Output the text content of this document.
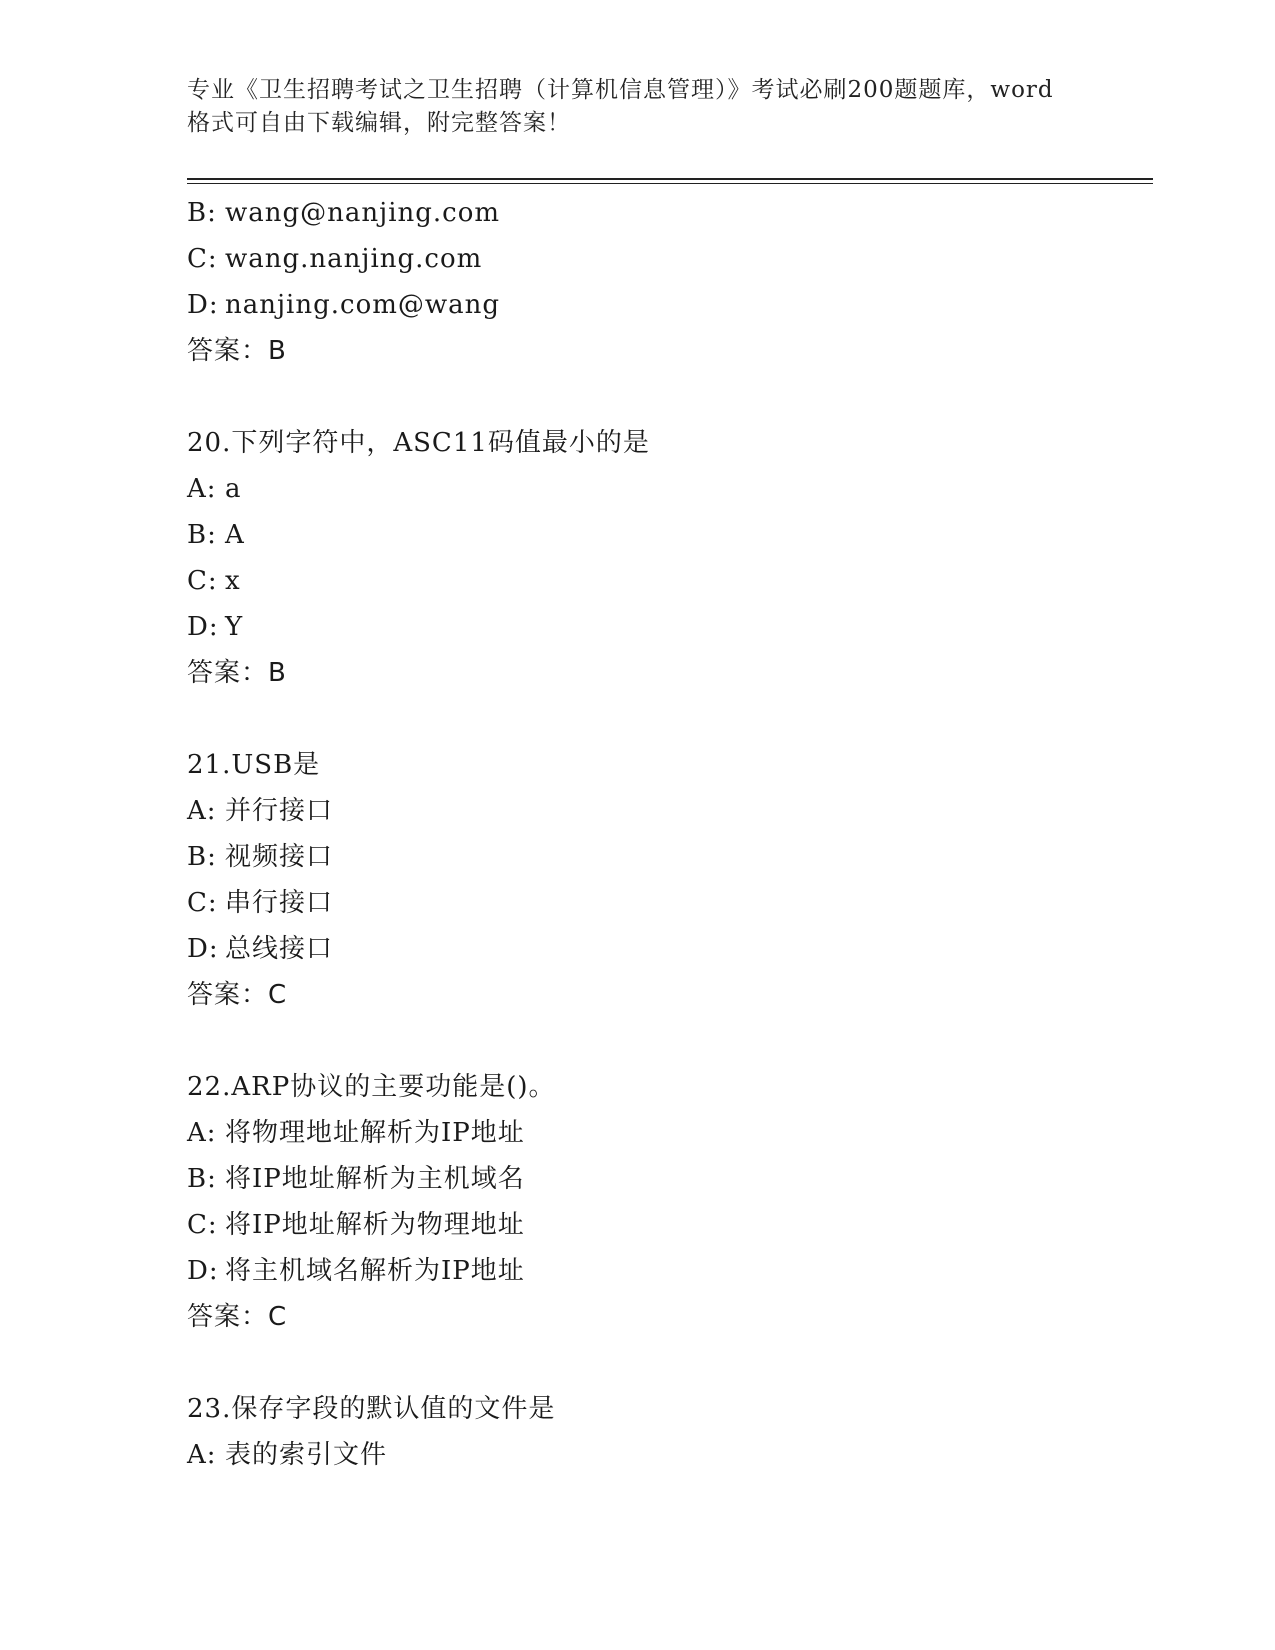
专业《卫生招聘考试之卫生招聘（计算机信息管理）》考试必刷200题题库，word
格式可自由下载编辑，附完整答案！
B: wang@nanjing.com
C: wang.nanjing.com
D: nanjing.com@wang
答案：B
20.下列字符中，ASC11码值最小的是
A: a
B: A
C: x
D: Y
答案：B
21.USB是
A: 并行接口
B: 视频接口
C: 串行接口
D: 总线接口
答案：C
22.ARP协议的主要功能是()。
A: 将物理地址解析为IP地址
B: 将IP地址解析为主机域名
C: 将IP地址解析为物理地址
D: 将主机域名解析为IP地址
答案：C
23.保存字段的默认值的文件是
A: 表的索引文件
